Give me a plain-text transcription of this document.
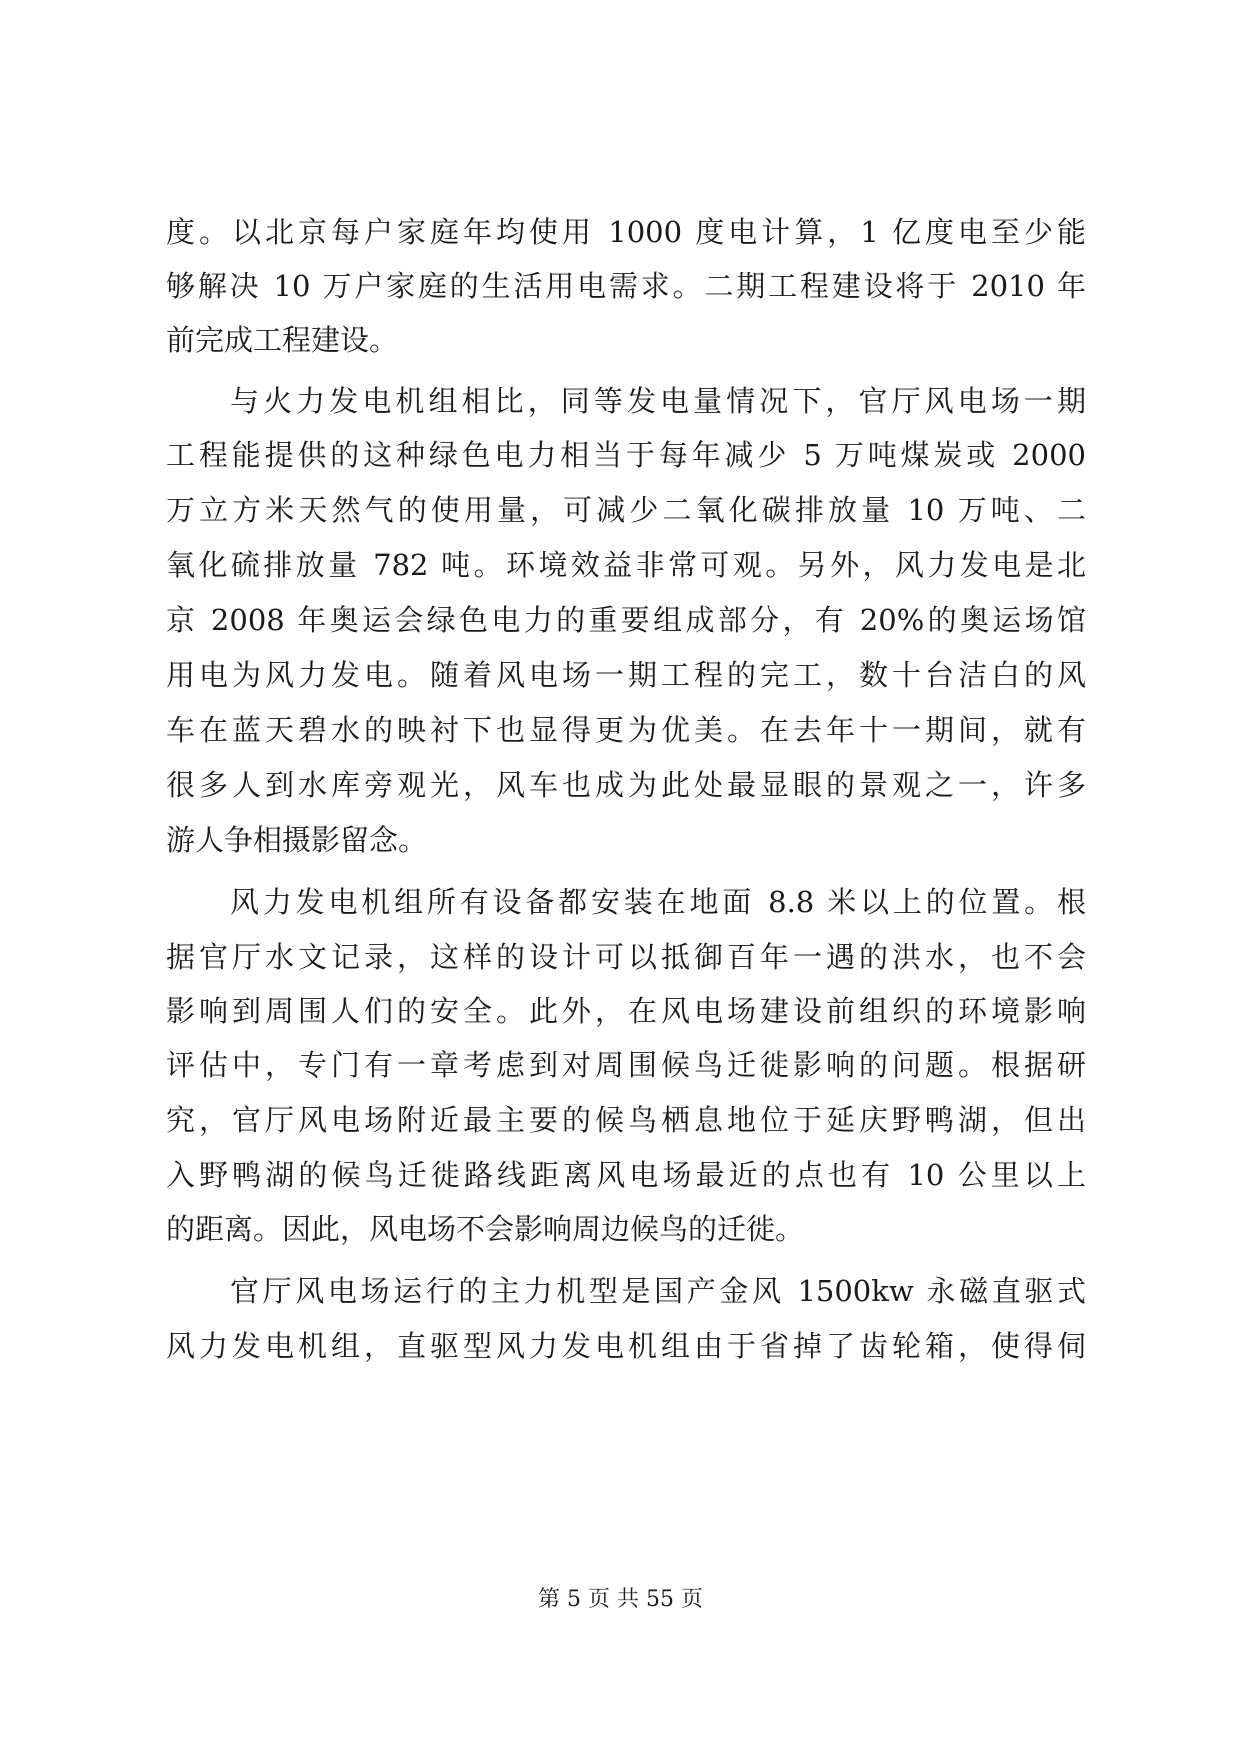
度。以北京每户家庭年均使用 1000 度电计算，1 亿度电至少能
够解决 10 万户家庭的生活用电需求。二期工程建设将于 2010 年
前完成工程建设。
与火力发电机组相比，同等发电量情况下，官厅风电场一期
工程能提供的这种绿色电力相当于每年减少 5 万吨煤炭或 2000
万立方米天然气的使用量，可减少二氧化碳排放量 10 万吨、二
氧化硫排放量 782 吨。环境效益非常可观。另外，风力发电是北
京 2008 年奥运会绿色电力的重要组成部分，有 20%的奥运场馆
用电为风力发电。随着风电场一期工程的完工，数十台洁白的风
车在蓝天碧水的映衬下也显得更为优美。在去年十一期间，就有
很多人到水库旁观光，风车也成为此处最显眼的景观之一，许多
游人争相摄影留念。
风力发电机组所有设备都安装在地面 8.8 米以上的位置。根
据官厅水文记录，这样的设计可以抵御百年一遇的洪水，也不会
影响到周围人们的安全。此外，在风电场建设前组织的环境影响
评估中，专门有一章考虑到对周围候鸟迁徙影响的问题。根据研
究，官厅风电场附近最主要的候鸟栖息地位于延庆野鸭湖，但出
入野鸭湖的候鸟迁徙路线距离风电场最近的点也有 10 公里以上
的距离。因此，风电场不会影响周边候鸟的迁徙。
官厅风电场运行的主力机型是国产金风 1500kw 永磁直驱式
风力发电机组，直驱型风力发电机组由于省掉了齿轮箱，使得伺
第 5 页 共 55 页
